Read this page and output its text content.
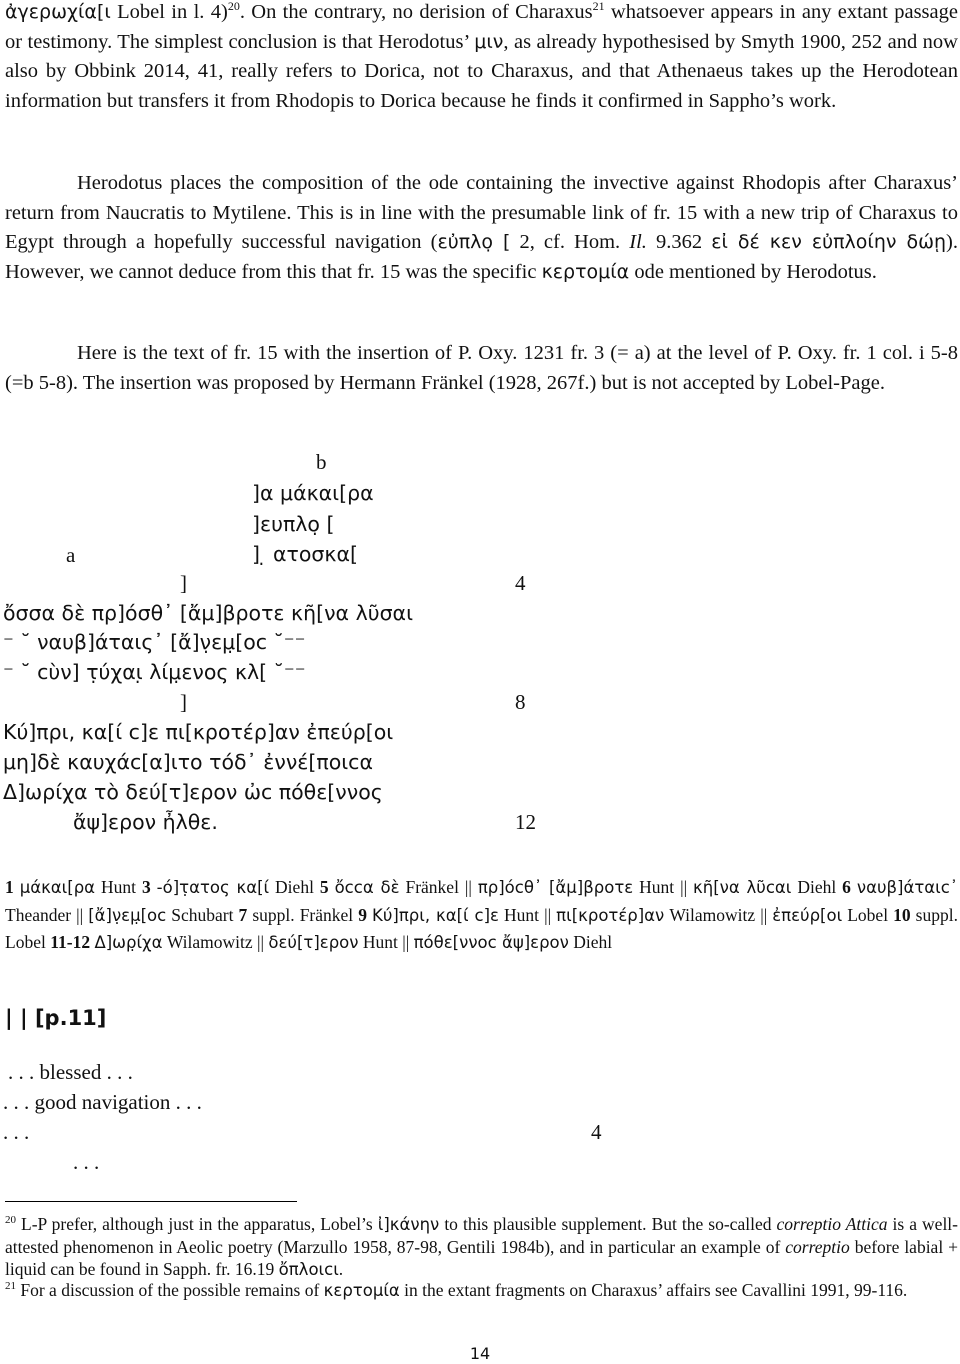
ἀγερωχία[ι Lobel in l. 4)$^{20}$. On the contrary, no derision of Charaxus$^{21}$ whatsoever appears in any extant passage or testimony. The simplest conclusion is that Herodotus’ μιν, as already hypothesised by Smyth 1900, 252 and now also by Obbink 2014, 41, really refers to Dorica, not to Charaxus, and that Athenaeus takes up the Herodotean information but transfers it from Rhodopis to Dorica because he finds it confirmed in Sappho’s work.

Herodotus places the composition of the ode containing the invective against Rhodopis after Charaxus’ return from Naucratis to Mytilene. This is in line with the presumable link of fr. 15 with a new trip of Charaxus to Egypt through a hopefully successful navigation (εὐπλο̣ [ 2, cf. Hom. Il. 9.362 εἰ δέ κεν εὐπλοίην δώῃ). However, we cannot deduce from this that fr. 15 was the specific κερτομία ode mentioned by Herodotus.

Here is the text of fr. 15 with the insertion of P. Oxy. 1231 fr. 3 (= a) at the level of P. Oxy. fr. 1 col. i 5-8 (=b 5-8). The insertion was proposed by Hermann Fränkel (1928, 267f.) but is not accepted by Lobel-Page.

b
]α μάκαι[ρα
]ευπλο̣ [
a	] ̣ ατοσκα[
]	4
ὄσσα δὲ πρ]όσθ᾽ [ἄμ]βροτε κῆ[να λῦσαι
⁻ ˘ ναυβ]άταις᾽ [ἄ]ν̣εμ̣[οc ˘⁻⁻
⁻ ˘ cὺν] τ̣ύχαι̣ λίμ̣ενος κλ[ ˘⁻⁻
]	8
Κύ]πρι, κα[ί c]ε πι[κροτέρ]αν ἐπεύρ[οι
μη]δὲ καυχάc[α]ιτο τόδ᾽ ἐννέ[ποιcα
Δ]ωρίχα τὸ δεύ[τ]ερον ὠc πόθε[ννος
ἄψ]ερον ἦλθε.	12

1 μάκαι[ρα Hunt 3 -ό]τ̣ατος κα[ί Diehl 5 ὄccα δὲ Fränkel || πρ]όcθ᾽ [ἄμ]βροτε Hunt || κῆ[να λῦcαι Diehl 6 ναυβ]άταιc᾽ Theander || [ἄ]ν̣εμ̣[οc Schubart 7 suppl. Fränkel 9 Κύ]πρι, κα[ί c]ε Hunt || πι[κροτέρ]αν Wilamowitz || ἐπεύρ[οι Lobel 10 suppl. Lobel 11-12 Δ]ωρ̣ίχα Wilamowitz || δεύ[τ]ερον Hunt || πόθε[ννοc ἄψ]ερον Diehl

| | [p.11]
. . . blessed . . .
. . . good navigation . . .
. . .	4
. . .

$^{20}$ L-P prefer, although just in the apparatus, Lobel’s ἰ]κάνην to this plausible supplement. But the so-called correptio Attica is a well-attested phenomenon in Aeolic poetry (Marzullo 1958, 87-98, Gentili 1984b), and in particular an example of correptio before labial + liquid can be found in Sapph. fr. 16.19 ὄπλοιcι.

$^{21}$ For a discussion of the possible remains of κερτομία in the extant fragments on Charaxus’ affairs see Cavallini 1991, 99-116.

14
